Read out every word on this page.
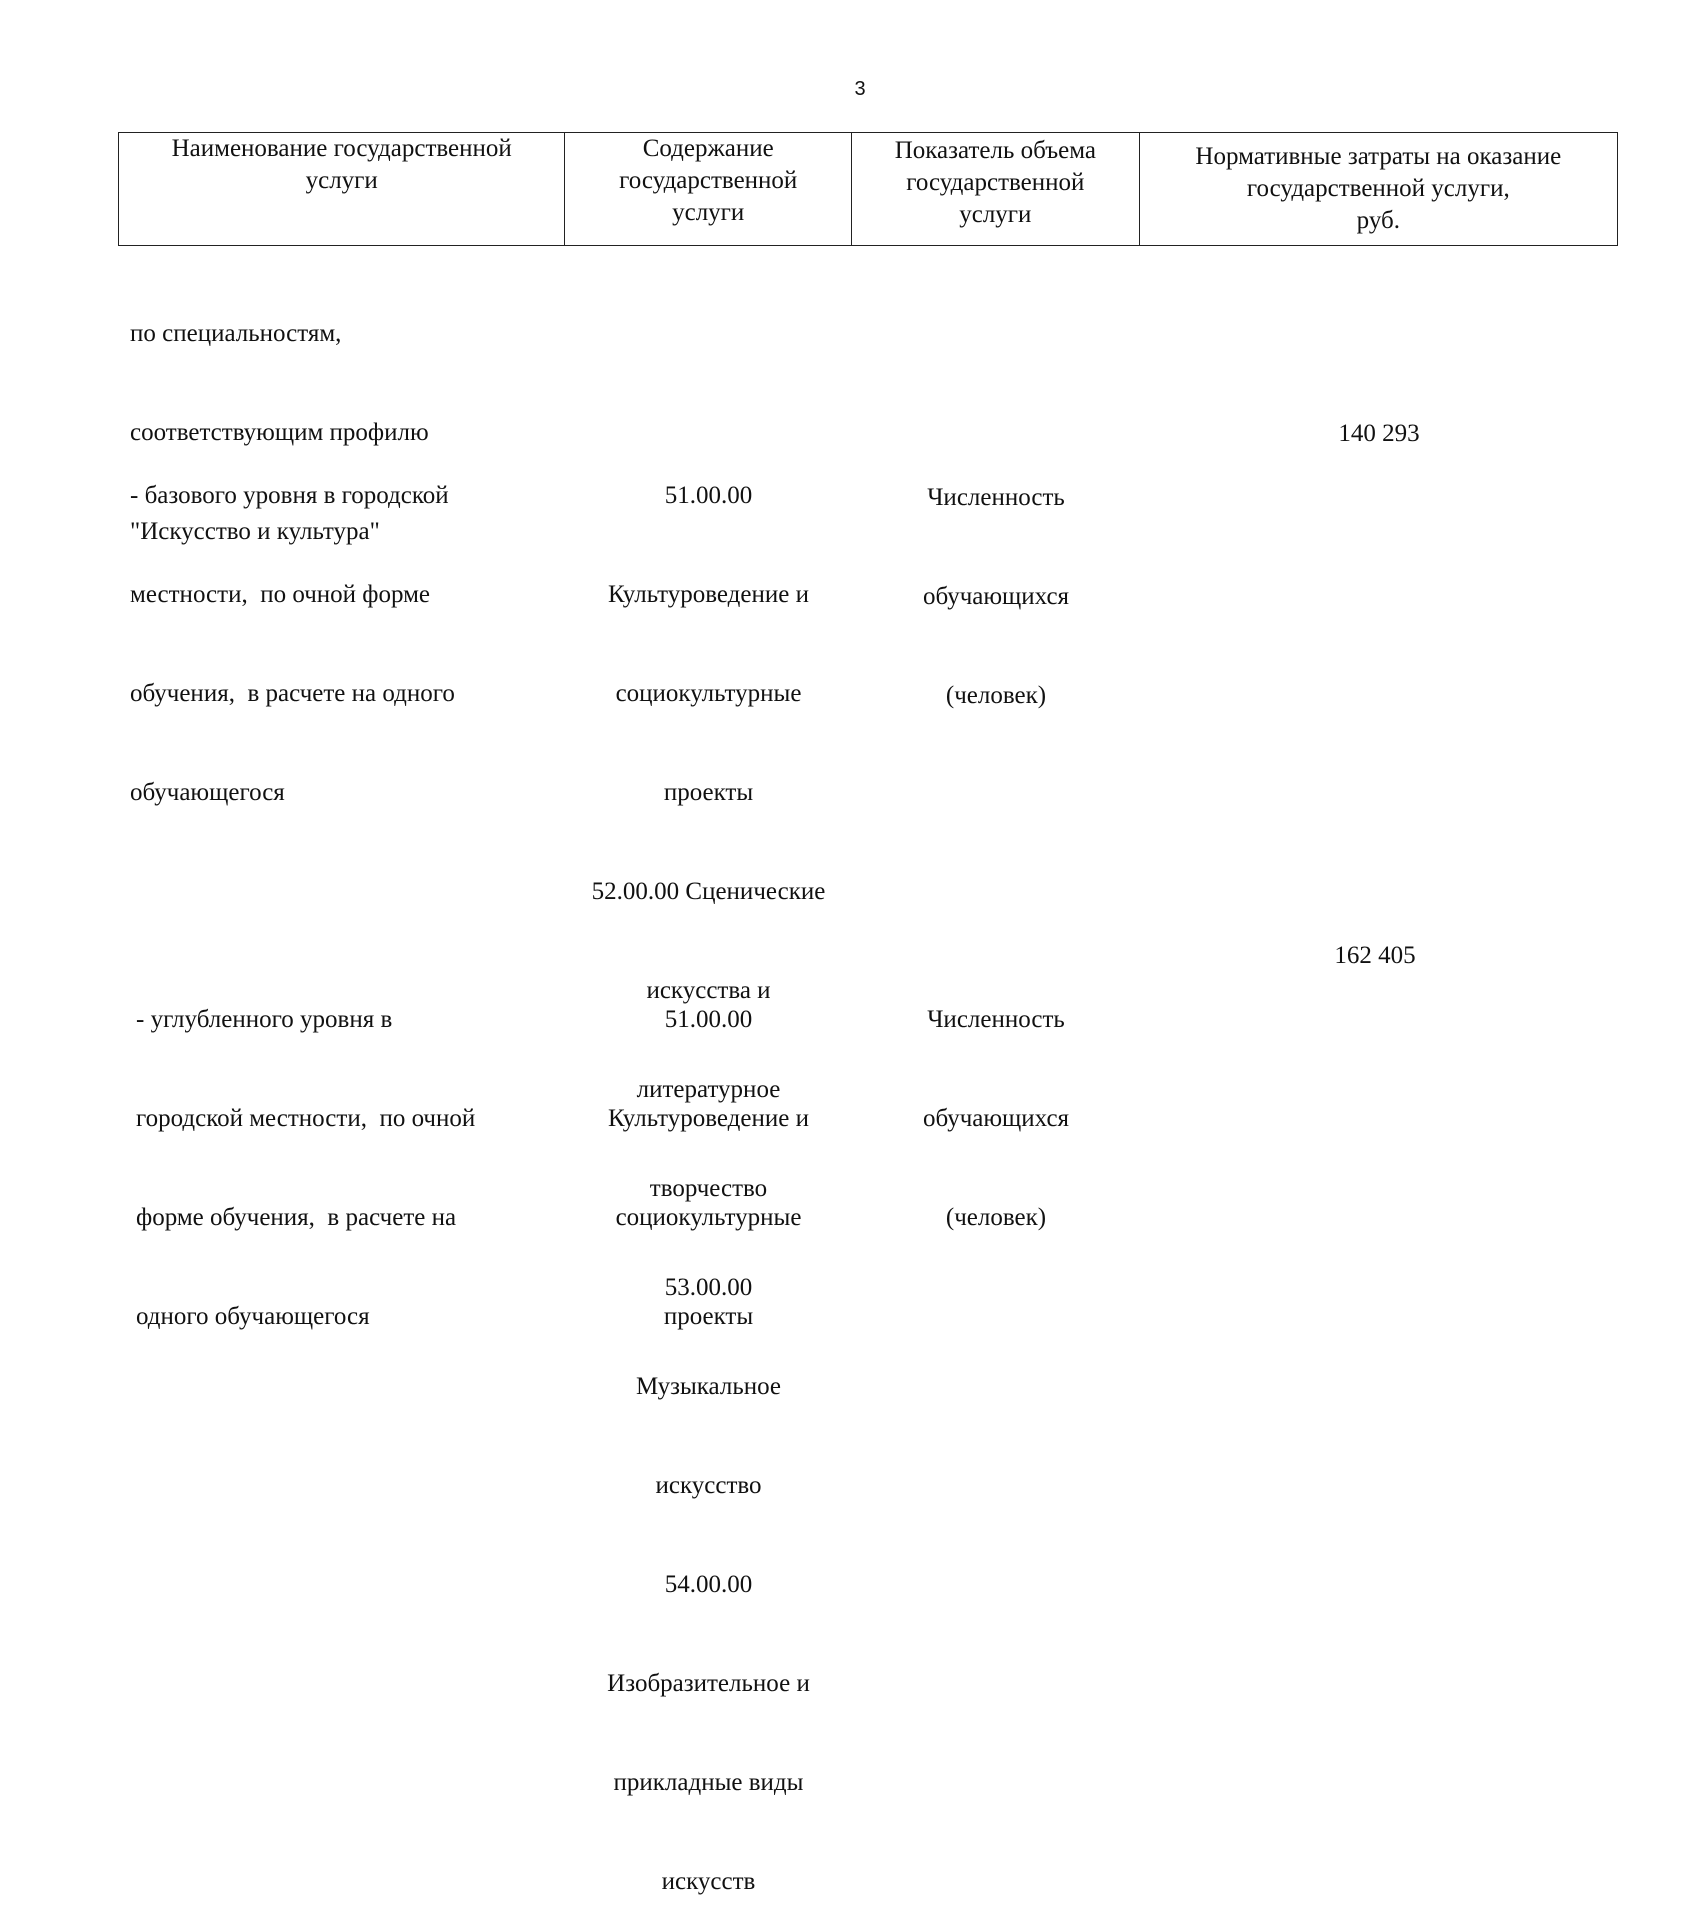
3
Наименование государственной
услуги
Содержание
государственной
услуги
Показатель объема
государственной
услуги
Нормативные затраты на оказание
государственной услуги,
руб.

по специальностям,

соответствующим профилю

"Искусство и культура"

- базового уровня в городской

местности,  по очной форме

обучения,  в расчете на одного

обучающегося

51.00.00

Культуроведение и

социокультурные

проекты

52.00.00 Сценические

искусства и

литературное

творчество

53.00.00

Музыкальное

искусство

54.00.00

Изобразительное и

прикладные виды

искусств

Численность

обучающихся

(человек)

140 293

- углубленного уровня в

городской местности,  по очной

форме обучения,  в расчете на

одного обучающегося

51.00.00

Культуроведение и

социокультурные

проекты

Численность

обучающихся

(человек)

162 405
